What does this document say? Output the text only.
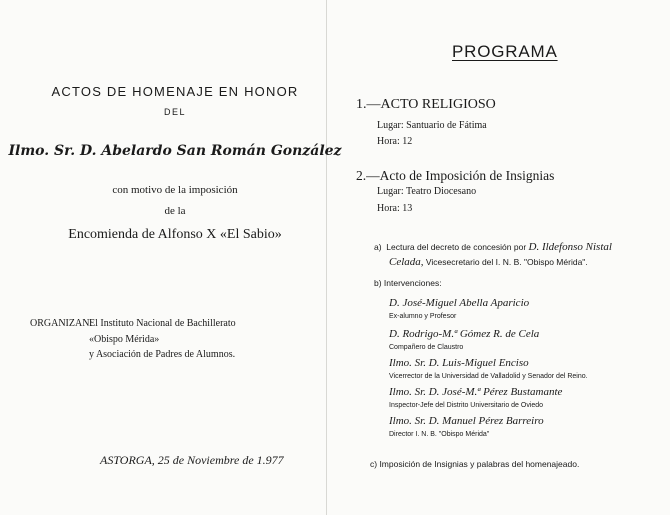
ACTOS DE HOMENAJE EN HONOR
DEL
Ilmo. Sr. D. Abelardo San Román González
con motivo de la imposición
de la
Encomienda de Alfonso X «El Sabio»
ORGANIZAN:
El Instituto Nacional de Bachillerato
«Obispo Mérida»
y Asociación de Padres de Alumnos.
ASTORGA, 25 de Noviembre de 1.977
PROGRAMA
1.—ACTO RELIGIOSO
Lugar: Santuario de Fátima
Hora: 12
2.—Acto de Imposición de Insignias
Lugar: Teatro Diocesano
Hora: 13
a)  Lectura del decreto de concesión por D. Ildefonso Nistal
Celada, Vicesecretario del I. N. B. "Obispo Mérida".
b) Intervenciones:
D. José-Miguel Abella Aparicio
Ex-alumno y Profesor
D. Rodrigo-M.ª Gómez R. de Cela
Compañero de Claustro
Ilmo. Sr. D. Luis-Miguel Enciso
Vicerrector de la Universidad de Valladolid y Senador del Reino.
Ilmo. Sr. D. José-M.ª Pérez Bustamante
Inspector-Jefe del Distrito Universitario de Oviedo
Ilmo. Sr. D. Manuel Pérez Barreiro
Director I. N. B. "Obispo Mérida"
c) Imposición de Insignias y palabras del homenajeado.
